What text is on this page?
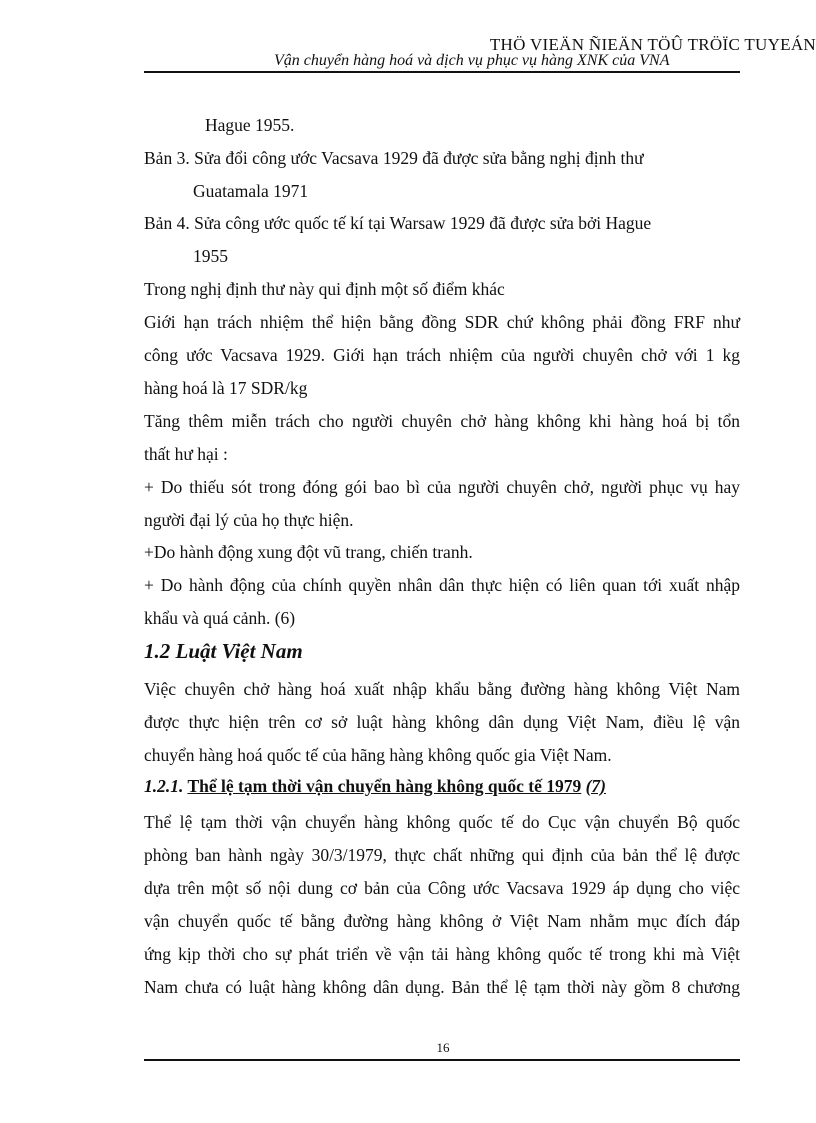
THÖ VIEÄN ÑIEÄN TÖÛ TRÖÏC TUYEÁN
Vận chuyển hàng hoá và dịch vụ phục vụ hàng XNK của VNA
Hague 1955.
Bản 3. Sửa đổi công ước Vacsava 1929 đã được sửa bằng nghị định thư
Guatamala 1971
Bản 4. Sửa công ước quốc tế kí tại Warsaw 1929 đã được sửa bởi Hague
1955
Trong nghị định thư này qui định một số điểm khác
Giới hạn trách nhiệm thể hiện bằng đồng SDR chứ không phải đồng FRF như
công ước Vacsava 1929. Giới hạn trách nhiệm của người chuyên chở với 1 kg
hàng hoá là 17 SDR/kg
Tăng thêm miễn trách cho người chuyên chở hàng không khi hàng hoá bị tổn
thất hư hại :
+ Do thiếu sót trong đóng gói bao bì của người chuyên chở, người phục vụ hay
người đại lý của họ thực hiện.
+Do hành động xung đột vũ trang, chiến tranh.
+ Do hành động của chính quyền nhân dân thực hiện có liên quan tới xuất nhập
khẩu và quá cảnh. (6)
1.2 Luật Việt Nam
Việc chuyên chở hàng hoá xuất nhập khẩu bằng đường hàng không Việt Nam
được thực hiện trên cơ sở luật hàng không dân dụng Việt Nam, điều lệ vận
chuyển hàng hoá quốc tế của hãng hàng không quốc gia Việt Nam.
1.2.1. Thể lệ tạm thời vận chuyển hàng không quốc tế 1979 (7)
Thể lệ tạm thời vận chuyển hàng không quốc tế do Cục vận chuyển Bộ quốc
phòng ban hành ngày 30/3/1979, thực chất những qui định của bản thể lệ được
dựa trên một số nội dung cơ bản của Công ước Vacsava 1929 áp dụng cho việc
vận chuyển quốc tế bằng đường hàng không ở Việt Nam nhằm mục đích đáp
ứng kịp thời cho sự phát triển về vận tải hàng không quốc tế trong khi mà Việt
Nam chưa có luật hàng không dân dụng. Bản thể lệ tạm thời này gồm 8 chương
16
